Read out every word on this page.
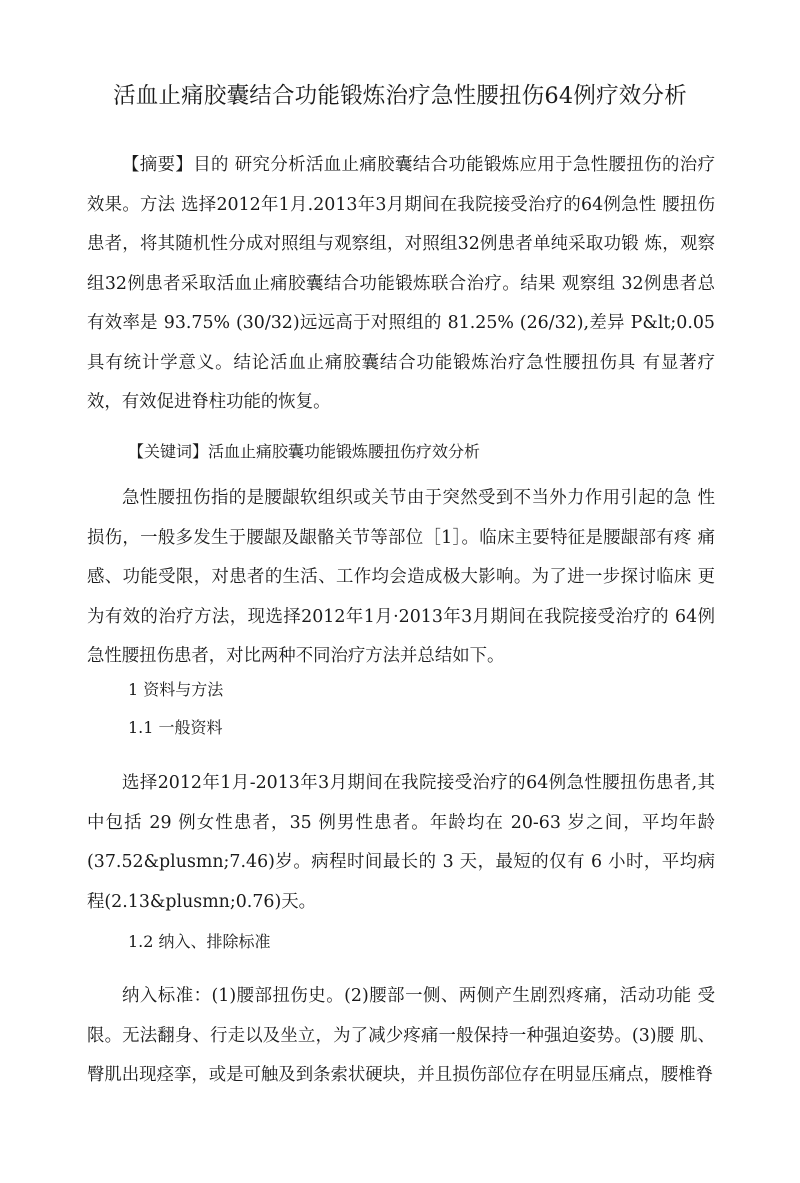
活血止痛胶囊结合功能锻炼治疗急性腰扭伤64例疗效分析

【摘要】目的 研究分析活血止痛胶囊结合功能锻炼应用于急性腰扭伤的治疗效果。方法 选择2012年1月.2013年3月期间在我院接受治疗的64例急性 腰扭伤患者，将其随机性分成对照组与观察组，对照组32例患者单纯采取功锻 炼，观察组32例患者采取活血止痛胶囊结合功能锻炼联合治疗。结果 观察组 32例患者总有效率是 93.75% (30/32)远远高于对照组的 81.25% (26/32),差异 P&lt;0.05 具有统计学意义。结论活血止痛胶囊结合功能锻炼治疗急性腰扭伤具 有显著疗效，有效促进脊柱功能的恢复。

【关键词】活血止痛胶囊功能锻炼腰扭伤疗效分析

急性腰扭伤指的是腰龈软组织或关节由于突然受到不当外力作用引起的急 性损伤，一般多发生于腰龈及龈骼关节等部位［1］。临床主要特征是腰龈部有疼 痛感、功能受限，对患者的生活、工作均会造成极大影响。为了进一步探讨临床 更为有效的治疗方法，现选择2012年1月·2013年3月期间在我院接受治疗的 64例急性腰扭伤患者，对比两种不同治疗方法并总结如下。

1 资料与方法
1.1 一般资料

选择2012年1月-2013年3月期间在我院接受治疗的64例急性腰扭伤患者,其中包括 29 例女性患者，35 例男性患者。年龄均在 20-63 岁之间，平均年龄(37.52&plusmn;7.46)岁。病程时间最长的 3 天，最短的仅有 6 小时，平均病程(2.13&plusmn;0.76)天。

1.2 纳入、排除标准

纳入标准：(1)腰部扭伤史。(2)腰部一侧、两侧产生剧烈疼痛，活动功能 受限。无法翻身、行走以及坐立，为了减少疼痛一般保持一种强迫姿势。(3)腰 肌、臀肌出现痉挛，或是可触及到条索状硬块，并且损伤部位存在明显压痛点，腰椎脊
